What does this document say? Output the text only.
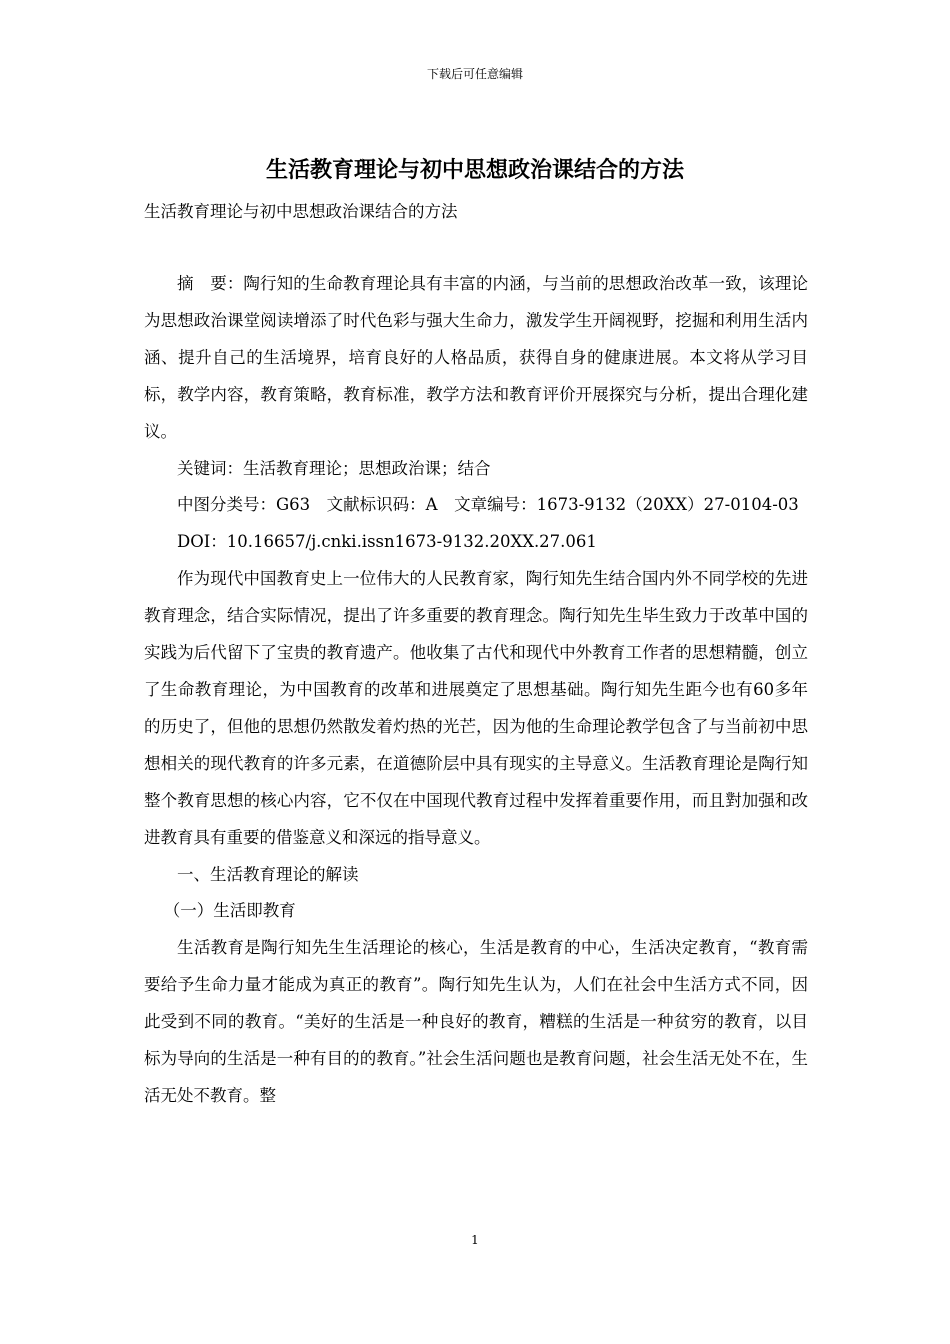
下载后可任意编辑
生活教育理论与初中思想政治课结合的方法
生活教育理论与初中思想政治课结合的方法

摘　要：陶行知的生命教育理论具有丰富的内涵，与当前的思想政治改革一致，该理论为思想政治课堂阅读增添了时代色彩与强大生命力，激发学生开阔视野，挖掘和利用生活内涵、提升自己的生活境界，培育良好的人格品质，获得自身的健康进展。本文将从学习目标，教学内容，教育策略，教育标准，教学方法和教育评价开展探究与分析，提出合理化建议。

关键词：生活教育理论；思想政治课；结合

中图分类号：G63　文献标识码：A　文章编号：1673-9132（20XX）27-0104-03

DOI：10.16657/j.cnki.issn1673-9132.20XX.27.061

作为现代中国教育史上一位伟大的人民教育家，陶行知先生结合国内外不同学校的先进教育理念，结合实际情况，提出了许多重要的教育理念。陶行知先生毕生致力于改革中国的实践为后代留下了宝贵的教育遗产。他收集了古代和现代中外教育工作者的思想精髓，创立了生命教育理论，为中国教育的改革和进展奠定了思想基础。陶行知先生距今也有60多年的历史了，但他的思想仍然散发着灼热的光芒，因为他的生命理论教学包含了与当前初中思想相关的现代教育的许多元素，在道德阶层中具有现实的主导意义。生活教育理论是陶行知整个教育思想的核心内容，它不仅在中国现代教育过程中发挥着重要作用，而且對加强和改进教育具有重要的借鉴意义和深远的指导意义。

一、生活教育理论的解读

（一）生活即教育

生活教育是陶行知先生生活理论的核心，生活是教育的中心，生活决定教育，“教育需要给予生命力量才能成为真正的教育”。陶行知先生认为，人们在社会中生活方式不同，因此受到不同的教育。“美好的生活是一种良好的教育，糟糕的生活是一种贫穷的教育，以目标为导向的生活是一种有目的的教育。”社会生活问题也是教育问题，社会生活无处不在，生活无处不教育。整

1
